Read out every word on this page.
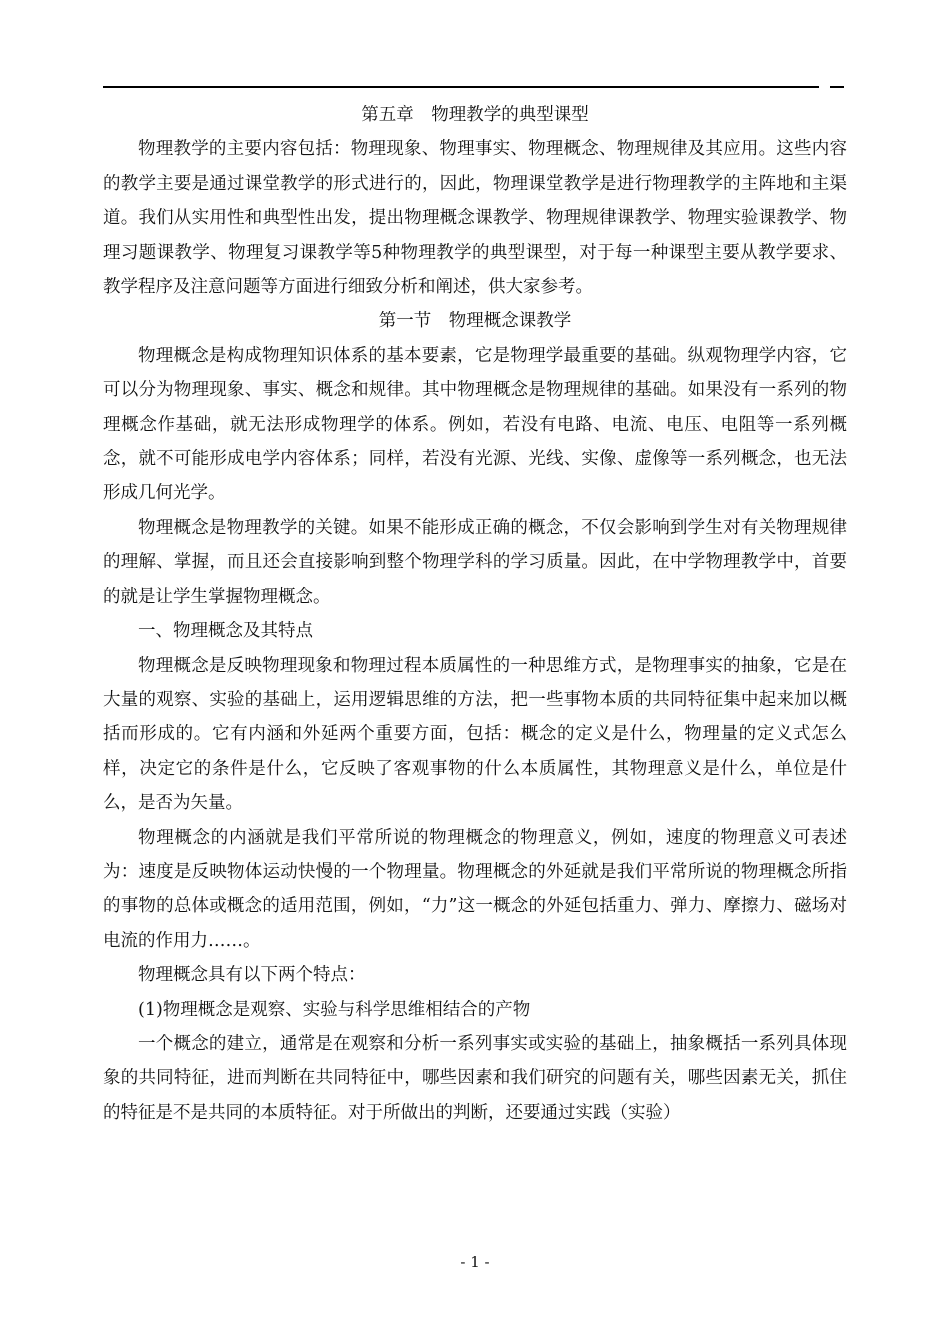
第五章　物理教学的典型课型

物理教学的主要内容包括：物理现象、物理事实、物理概念、物理规律及其应用。这些内容的教学主要是通过课堂教学的形式进行的，因此，物理课堂教学是进行物理教学的主阵地和主渠道。我们从实用性和典型性出发，提出物理概念课教学、物理规律课教学、物理实验课教学、物理习题课教学、物理复习课教学等5种物理教学的典型课型，对于每一种课型主要从教学要求、教学程序及注意问题等方面进行细致分析和阐述，供大家参考。

第一节　物理概念课教学

物理概念是构成物理知识体系的基本要素，它是物理学最重要的基础。纵观物理学内容，它可以分为物理现象、事实、概念和规律。其中物理概念是物理规律的基础。如果没有一系列的物理概念作基础，就无法形成物理学的体系。例如，若没有电路、电流、电压、电阻等一系列概念，就不可能形成电学内容体系；同样，若没有光源、光线、实像、虚像等一系列概念，也无法形成几何光学。

物理概念是物理教学的关键。如果不能形成正确的概念，不仅会影响到学生对有关物理规律的理解、掌握，而且还会直接影响到整个物理学科的学习质量。因此，在中学物理教学中，首要的就是让学生掌握物理概念。

一、物理概念及其特点

物理概念是反映物理现象和物理过程本质属性的一种思维方式，是物理事实的抽象，它是在大量的观察、实验的基础上，运用逻辑思维的方法，把一些事物本质的共同特征集中起来加以概括而形成的。它有内涵和外延两个重要方面，包括：概念的定义是什么，物理量的定义式怎么样，决定它的条件是什么，它反映了客观事物的什么本质属性，其物理意义是什么，单位是什么，是否为矢量。

物理概念的内涵就是我们平常所说的物理概念的物理意义，例如，速度的物理意义可表述为：速度是反映物体运动快慢的一个物理量。物理概念的外延就是我们平常所说的物理概念所指的事物的总体或概念的适用范围，例如，“力”这一概念的外延包括重力、弹力、摩擦力、磁场对电流的作用力……。

物理概念具有以下两个特点：

(1)物理概念是观察、实验与科学思维相结合的产物

一个概念的建立，通常是在观察和分析一系列事实或实验的基础上，抽象概括一系列具体现象的共同特征，进而判断在共同特征中，哪些因素和我们研究的问题有关，哪些因素无关，抓住的特征是不是共同的本质特征。对于所做出的判断，还要通过实践（实验）

- 1 -
